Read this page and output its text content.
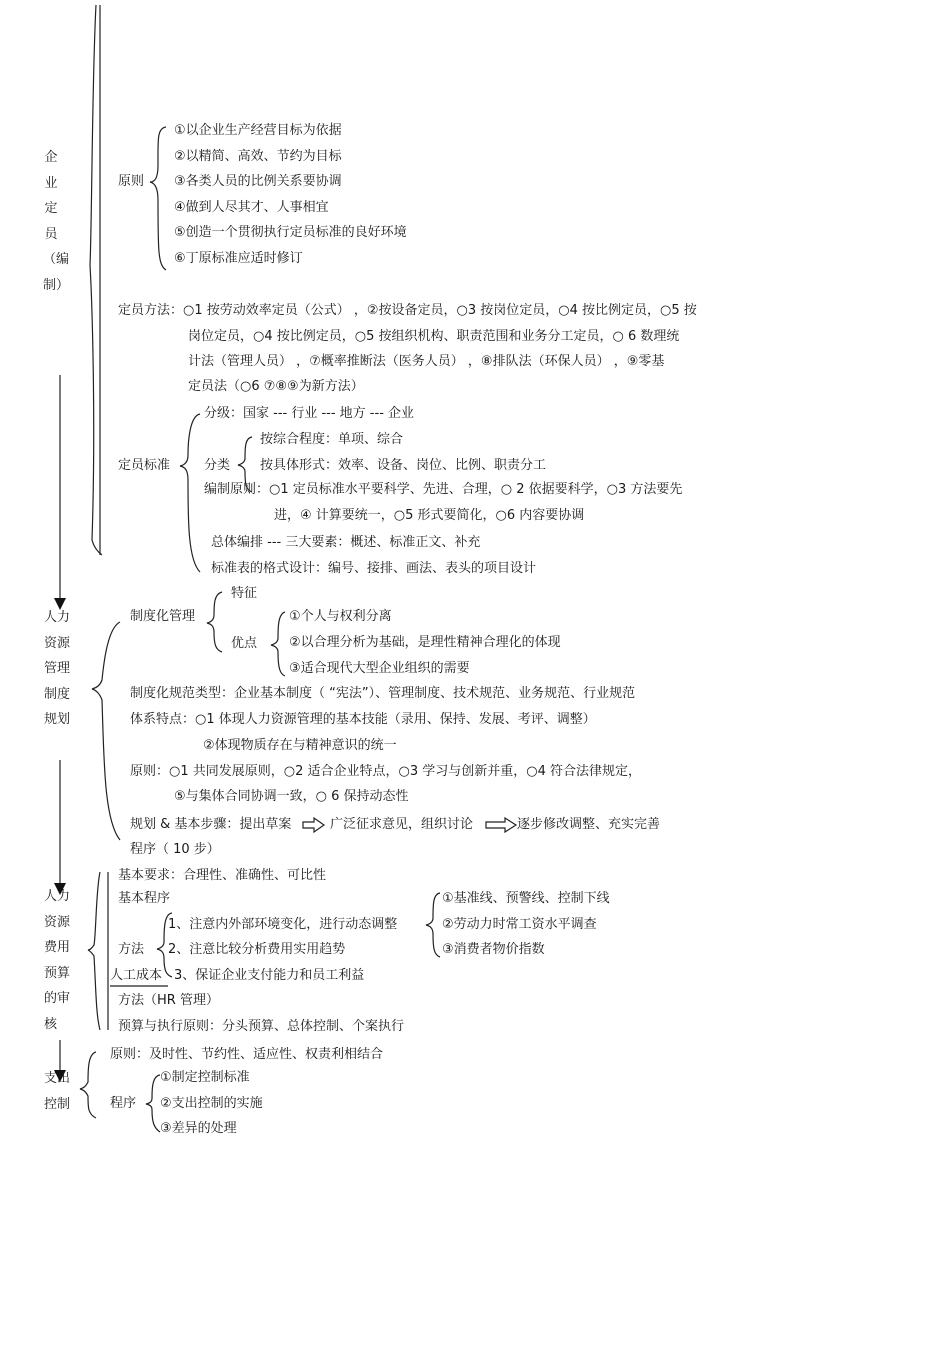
企业定员（编制）
原则
①以企业生产经营目标为依据
②以精简、高效、节约为目标
③各类人员的比例关系要协调
④做到人尽其才、人事相宜
⑤创造一个贯彻执行定员标准的良好环境
⑥丁原标准应适时修订
定员方法： ○1 按劳动效率定员（公式） ，②按设备定员，○3 按岗位定员，○4 按比例定员，○5 按
岗位定员，○4 按比例定员，○5 按组织机构、职责范围和业务分工定员，○ 6 数理统
计法（管理人员） ，⑦概率推断法（医务人员） ，⑧排队法（环保人员） ，⑨零基
定员法（○6 ⑦⑧⑨为新方法）
定员标准
分级：国家 --- 行业 --- 地方 --- 企业
分类
按综合程度：单项、综合
按具体形式：效率、设备、岗位、比例、职责分工
编制原则：○1 定员标准水平要科学、先进、合理，○ 2 依据要科学，○3 方法要先
进，④ 计算要统一，○5 形式要简化，○6 内容要协调
总体编排 --- 三大要素：概述、标准正文、补充
标准表的格式设计：编号、接排、画法、表头的项目设计
人力资源管理制度规划
制度化管理
特征
优点
①个人与权利分离
②以合理分析为基础，是理性精神合理化的体现
③适合现代大型企业组织的需要
制度化规范类型：企业基本制度（ “宪法”）、管理制度、技术规范、业务规范、行业规范
体系特点：○1 体现人力资源管理的基本技能（录用、保持、发展、考评、调整）
②体现物质存在与精神意识的统一
原则：○1 共同发展原则，○2 适合企业特点，○3 学习与创新并重，○4 符合法律规定，
⑤与集体合同协调一致，○ 6 保持动态性
规划 & 基本步骤：提出草案	广泛征求意见，组织讨论	逐步修改调整、充实完善
程序（ 10 步）
人力资源费用预算的审核
基本要求：合理性、准确性、可比性
基本程序
方法
1、注意内外部环境变化，进行动态调整
2、注意比较分析费用实用趋势
人工成本 3、保证企业支付能力和员工利益
①基准线、预警线、控制下线
②劳动力时常工资水平调查
③消费者物价指数
方法（HR 管理）
预算与执行原则：分头预算、总体控制、个案执行
支出控制
原则：及时性、节约性、适应性、权责利相结合
程序
①制定控制标准
②支出控制的实施
③差异的处理
